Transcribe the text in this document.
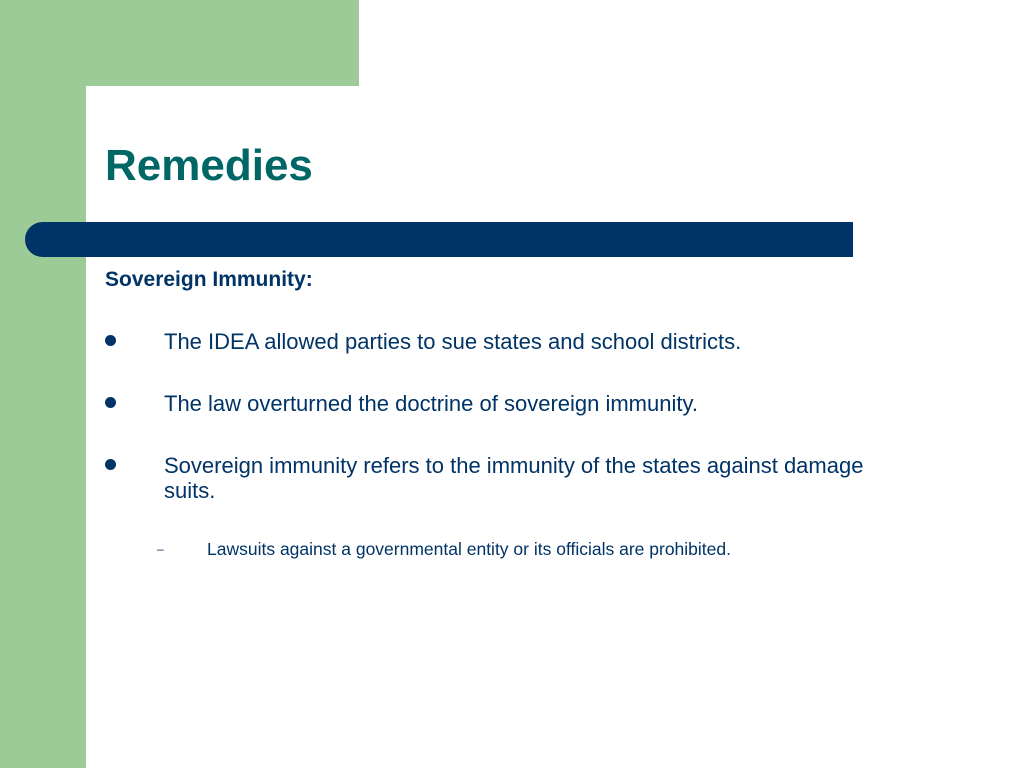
Remedies

Sovereign Immunity:

The IDEA allowed parties to sue states and school districts.
The law overturned the doctrine of sovereign immunity.
Sovereign immunity refers to the immunity of the states against damage suits.
– Lawsuits against a governmental entity or its officials are prohibited.
